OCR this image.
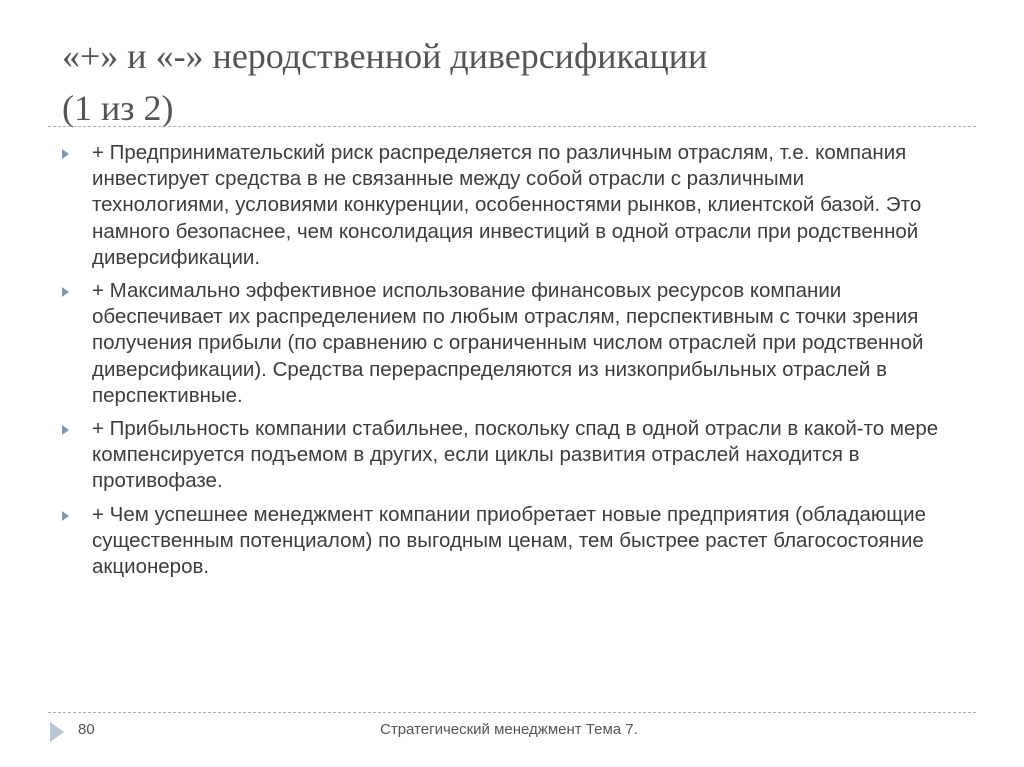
«+» и «-» неродственной диверсификации
(1 из 2)
+ Предпринимательский риск распределяется по различным отраслям, т.е. компания инвестирует средства в не связанные между собой отрасли с различными технологиями, условиями конкуренции, особенностями рынков, клиентской базой. Это намного безопаснее, чем консолидация инвестиций в одной отрасли при родственной диверсификации.
+ Максимально эффективное использование финансовых ресурсов компании обеспечивает их распределением по любым отраслям, перспективным с точки зрения получения прибыли (по сравнению с ограниченным числом отраслей при родственной диверсификации). Средства перераспределяются из низкоприбыльных отраслей в перспективные.
+ Прибыльность компании стабильнее, поскольку спад в одной отрасли в какой-то мере компенсируется подъемом в других, если циклы развития отраслей находится в противофазе.
+ Чем успешнее менеджмент компании приобретает новые предприятия (обладающие существенным потенциалом) по выгодным ценам, тем быстрее растет благосостояние акционеров.
80	Стратегический менеджмент Тема 7.
